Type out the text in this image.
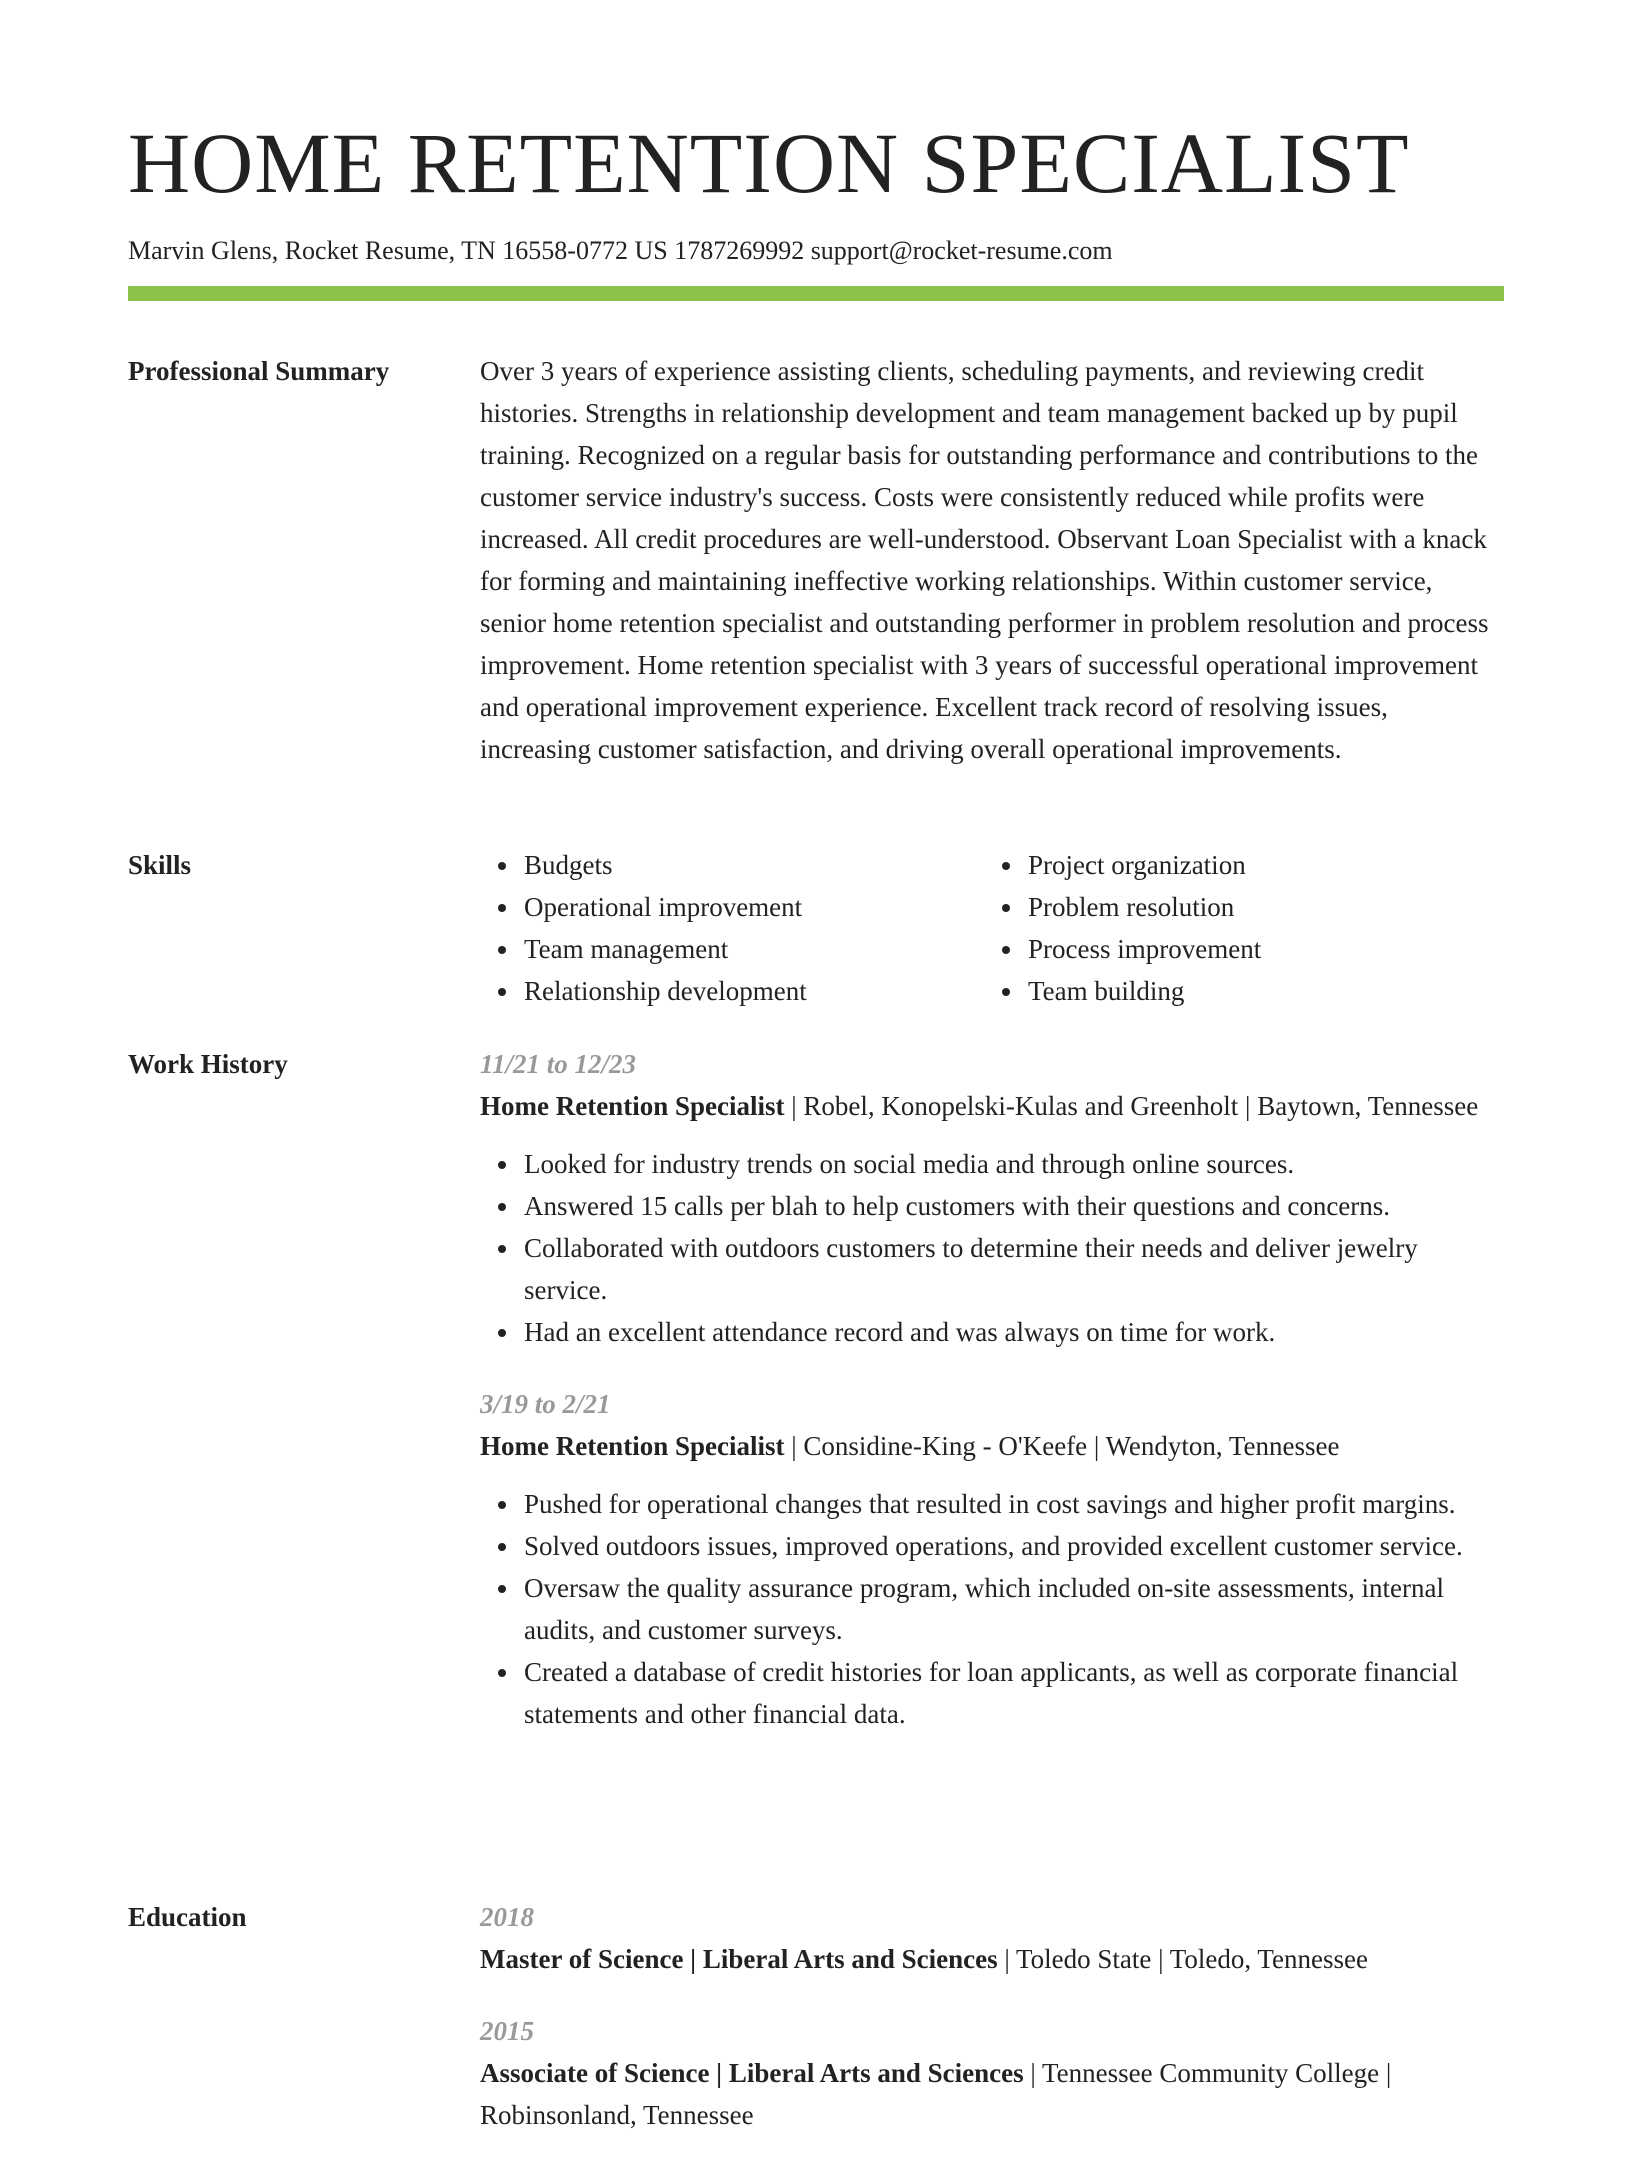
HOME RETENTION SPECIALIST
Marvin Glens, Rocket Resume, TN 16558-0772 US 1787269992 support@rocket-resume.com
Professional Summary	Over 3 years of experience assisting clients, scheduling payments, and reviewing credit histories. Strengths in relationship development and team management backed up by pupil training. Recognized on a regular basis for outstanding performance and contributions to the customer service industry's success. Costs were consistently reduced while profits were increased. All credit procedures are well-understood. Observant Loan Specialist with a knack for forming and maintaining ineffective working relationships. Within customer service, senior home retention specialist and outstanding performer in problem resolution and process improvement. Home retention specialist with 3 years of successful operational improvement and operational improvement experience. Excellent track record of resolving issues, increasing customer satisfaction, and driving overall operational improvements.

Skills	Budgets
Operational improvement
Team management
Relationship development
Project organization
Problem resolution
Process improvement
Team building
Work History	11/21 to 12/23
Home Retention Specialist | Robel, Konopelski-Kulas and Greenholt | Baytown, Tennessee
Looked for industry trends on social media and through online sources.
Answered 15 calls per blah to help customers with their questions and concerns.
Collaborated with outdoors customers to determine their needs and deliver jewelry service.
Had an excellent attendance record and was always on time for work.
3/19 to 2/21
Home Retention Specialist | Considine-King - O'Keefe | Wendyton, Tennessee
Pushed for operational changes that resulted in cost savings and higher profit margins.
Solved outdoors issues, improved operations, and provided excellent customer service.
Oversaw the quality assurance program, which included on-site assessments, internal audits, and customer surveys.
Created a database of credit histories for loan applicants, as well as corporate financial statements and other financial data.
Education	2018
Master of Science | Liberal Arts and Sciences | Toledo State | Toledo, Tennessee
2015
Associate of Science | Liberal Arts and Sciences | Tennessee Community College | Robinsonland, Tennessee
